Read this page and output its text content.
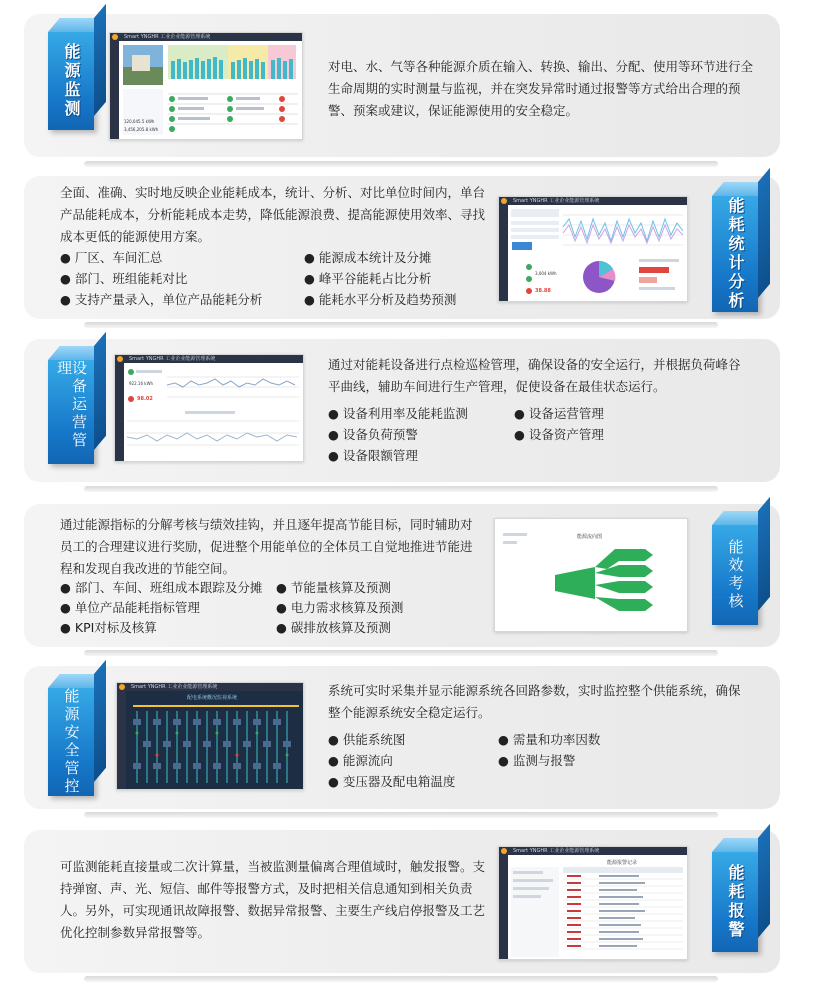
能源监测
Smart YNGHR 工业企业能源管理系统
120,045.5 kWh
3,456,205.8 kWh
对电、水、气等各种能源介质在输入、转换、输出、分配、使用等环节进行全生命周期的实时测量与监视，并在突发异常时通过报警等方式给出合理的预警、预案或建议，保证能源使用的安全稳定。
能耗统计分析
全面、准确、实时地反映企业能耗成本，统计、分析、对比单位时间内，单台产品能耗成本，分析能耗成本走势，降低能源浪费、提高能源使用效率、寻找成本更低的能源使用方案。
● 厂区、车间汇总	● 能源成本统计及分摊
● 部门、班组能耗对比	● 峰平谷能耗占比分析
● 支持产量录入，单位产品能耗分析	● 能耗水平分析及趋势预测
Smart YNGHR 工业企业能源管理系统
3,004 kWh
38.88
设备运营管理
Smart YNGHR 工业企业能源管理系统
922.16 kWh
98.02
通过对能耗设备进行点检巡检管理，确保设备的安全运行，并根据负荷峰谷平曲线，辅助车间进行生产管理，促使设备在最佳状态运行。
● 设备利用率及能耗监测	● 设备运营管理
● 设备负荷预警	● 设备资产管理
● 设备限额管理
能效考核
通过能源指标的分解考核与绩效挂钩，并且逐年提高节能目标，同时辅助对员工的合理建议进行奖励，促进整个用能单位的全体员工自觉地推进节能进程和发现自我改进的节能空间。
● 部门、车间、班组成本跟踪及分摊 ● 节能量核算及预测
● 单位产品能耗指标管理	● 电力需求核算及预测
● KPI对标及核算	● 碳排放核算及预测
能源流向图
能源安全管控
Smart YNGHR 工业企业能源管理系统
配电系统概况监视系统	系统可实时采集并显示能源系统各回路参数，实时监控整个供能系统，确保整个能源系统安全稳定运行。
● 供能系统图	● 需量和功率因数
● 能源流向	● 监测与报警
● 变压器及配电箱温度
能耗报警
可监测能耗直接量或二次计算量，当被监测量偏离合理值域时，触发报警。支持弹窗、声、光、短信、邮件等报警方式，及时把相关信息通知到相关负责人。另外，可实现通讯故障报警、数据异常报警、主要生产线启停报警及工艺优化控制参数异常报警等。
Smart YNGHR 工业企业能源管理系统
能源报警记录
